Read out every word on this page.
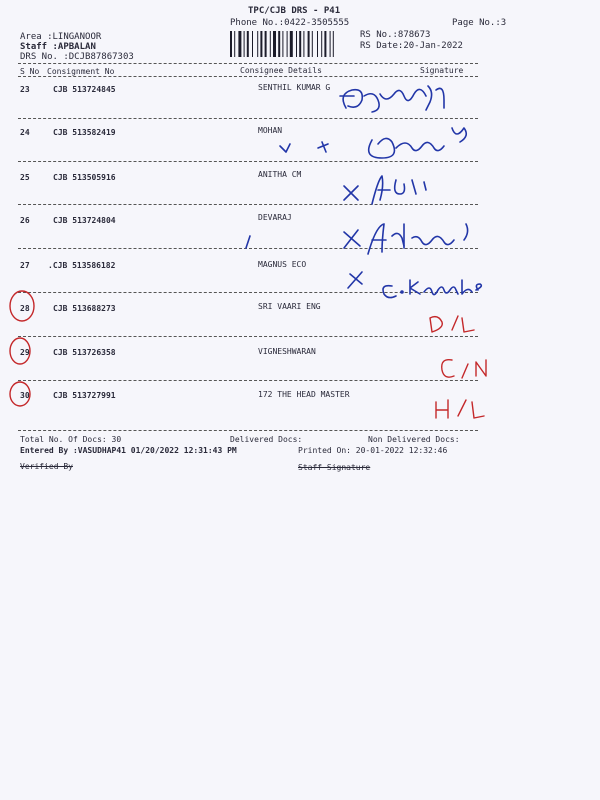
TPC/CJB DRS - P41
Phone No.:0422-3505555	Page No.:3
Area :LINGANOOR
Staff :APBALAN
DRS No. :DCJB87867303
RS No.:878673
RS Date:20-Jan-2022
S No Consignment No	Consignee Details	Signature
23	CJB 513724845	SENTHIL KUMAR G
24	CJB 513582419	MOHAN
25	CJB 513505916	ANITHA CM
26	CJB 513724804	DEVARAJ
27 .CJB 513586182	MAGNUS ECO
28	CJB 513688273	SRI VAARI ENG
29	CJB 513726358	VIGNESHWARAN
30	CJB 513727991	172 THE HEAD MASTER
Total No. Of Docs: 30	Delivered Docs:	Non Delivered Docs:
Entered By :VASUDHAP41 01/20/2022 12:31:43 PM	Printed On: 20-01-2022 12:32:46
Verified By	Staff Signature
